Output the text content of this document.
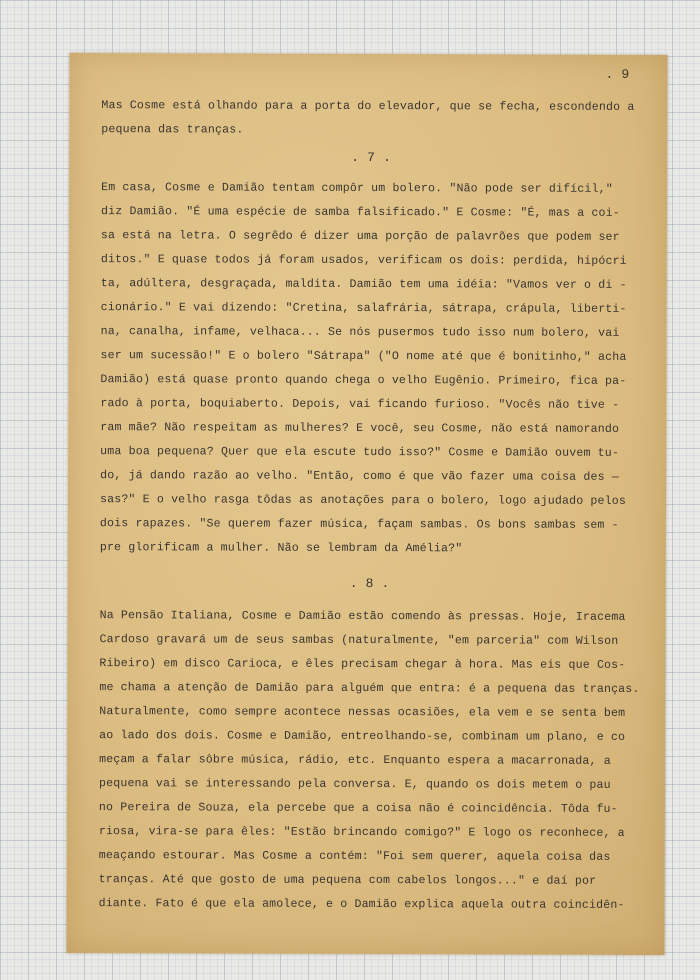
. 9
Mas Cosme está olhando para a porta do elevador, que se fecha, escondendo a
pequena das tranças.
. 7 .
Em casa, Cosme e Damião tentam compôr um bolero. "Não pode ser difícil,"
diz Damião. "É uma espécie de samba falsificado." E Cosme: "É, mas a coi-
sa está na letra. O segrêdo é dizer uma porção de palavrões que podem ser
ditos." E quase todos já foram usados, verificam os dois: perdida, hipócri
ta, adúltera, desgraçada, maldita. Damião tem uma idéia: "Vamos ver o di -
cionário." E vai dizendo: "Cretina, salafrária, sátrapa, crápula, liberti-
na, canalha, infame, velhaca... Se nós pusermos tudo isso num bolero, vai
ser um sucessão!" E o bolero "Sátrapa" ("O nome até que é bonitinho," acha
Damião) está quase pronto quando chega o velho Eugênio. Primeiro, fica pa-
rado à porta, boquiaberto. Depois, vai ficando furioso. "Vocês não tive -
ram mãe? Não respeitam as mulheres? E você, seu Cosme, não está namorando
uma boa pequena? Quer que ela escute tudo isso?" Cosme e Damião ouvem tu-
do, já dando razão ao velho. "Então, como é que vão fazer uma coisa des —
sas?" E o velho rasga tôdas as anotações para o bolero, logo ajudado pelos
dois rapazes. "Se querem fazer música, façam sambas. Os bons sambas sem -
pre glorificam a mulher. Não se lembram da Amélia?"
. 8 .
Na Pensão Italiana, Cosme e Damião estão comendo às pressas. Hoje, Iracema
Cardoso gravará um de seus sambas (naturalmente, "em parceria" com Wilson
Ribeiro) em disco Carioca, e êles precisam chegar à hora. Mas eis que Cos-
me chama a atenção de Damião para alguém que entra: é a pequena das tranças.
Naturalmente, como sempre acontece nessas ocasiões, ela vem e se senta bem
ao lado dos dois. Cosme e Damião, entreolhando-se, combinam um plano, e co
meçam a falar sôbre música, rádio, etc. Enquanto espera a macarronada, a
pequena vai se interessando pela conversa. E, quando os dois metem o pau
no Pereira de Souza, ela percebe que a coisa não é coincidência. Tôda fu-
riosa, vira-se para êles: "Estão brincando comigo?" E logo os reconhece, a
meaçando estourar. Mas Cosme a contém: "Foi sem querer, aquela coisa das
tranças. Até que gosto de uma pequena com cabelos longos..." e daí por
diante. Fato é que ela amolece, e o Damião explica aquela outra coincidên-
